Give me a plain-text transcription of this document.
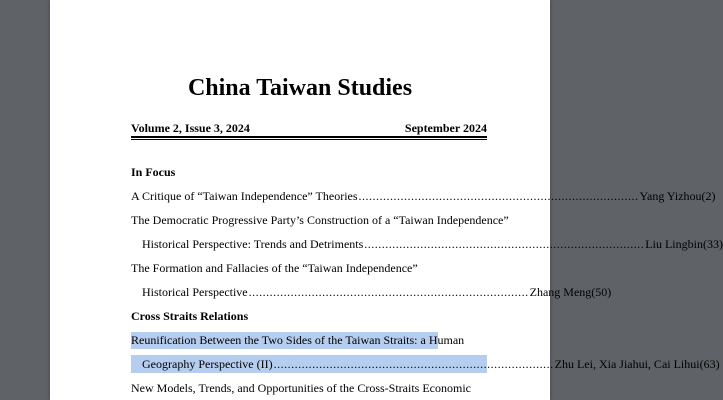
China Taiwan Studies
Volume 2, Issue 3, 2024	September 2024
In Focus
A Critique of “Taiwan Independence” Theories ................................................................................ Yang Yizhou(2)
The Democratic Progressive Party’s Construction of a “Taiwan Independence”
Historical Perspective: Trends and Detriments ................................................................................ Liu Lingbin(33)
The Formation and Fallacies of the “Taiwan Independence”
Historical Perspective ................................................................................ Zhang Meng(50)
Cross Straits Relations
Reunification Between the Two Sides of the Taiwan Straits: a Human
Geography Perspective (II) ................................................................................ Zhu Lei, Xia Jiahui, Cai Lihui(63)
New Models, Trends, and Opportunities of the Cross-Straits Economic
